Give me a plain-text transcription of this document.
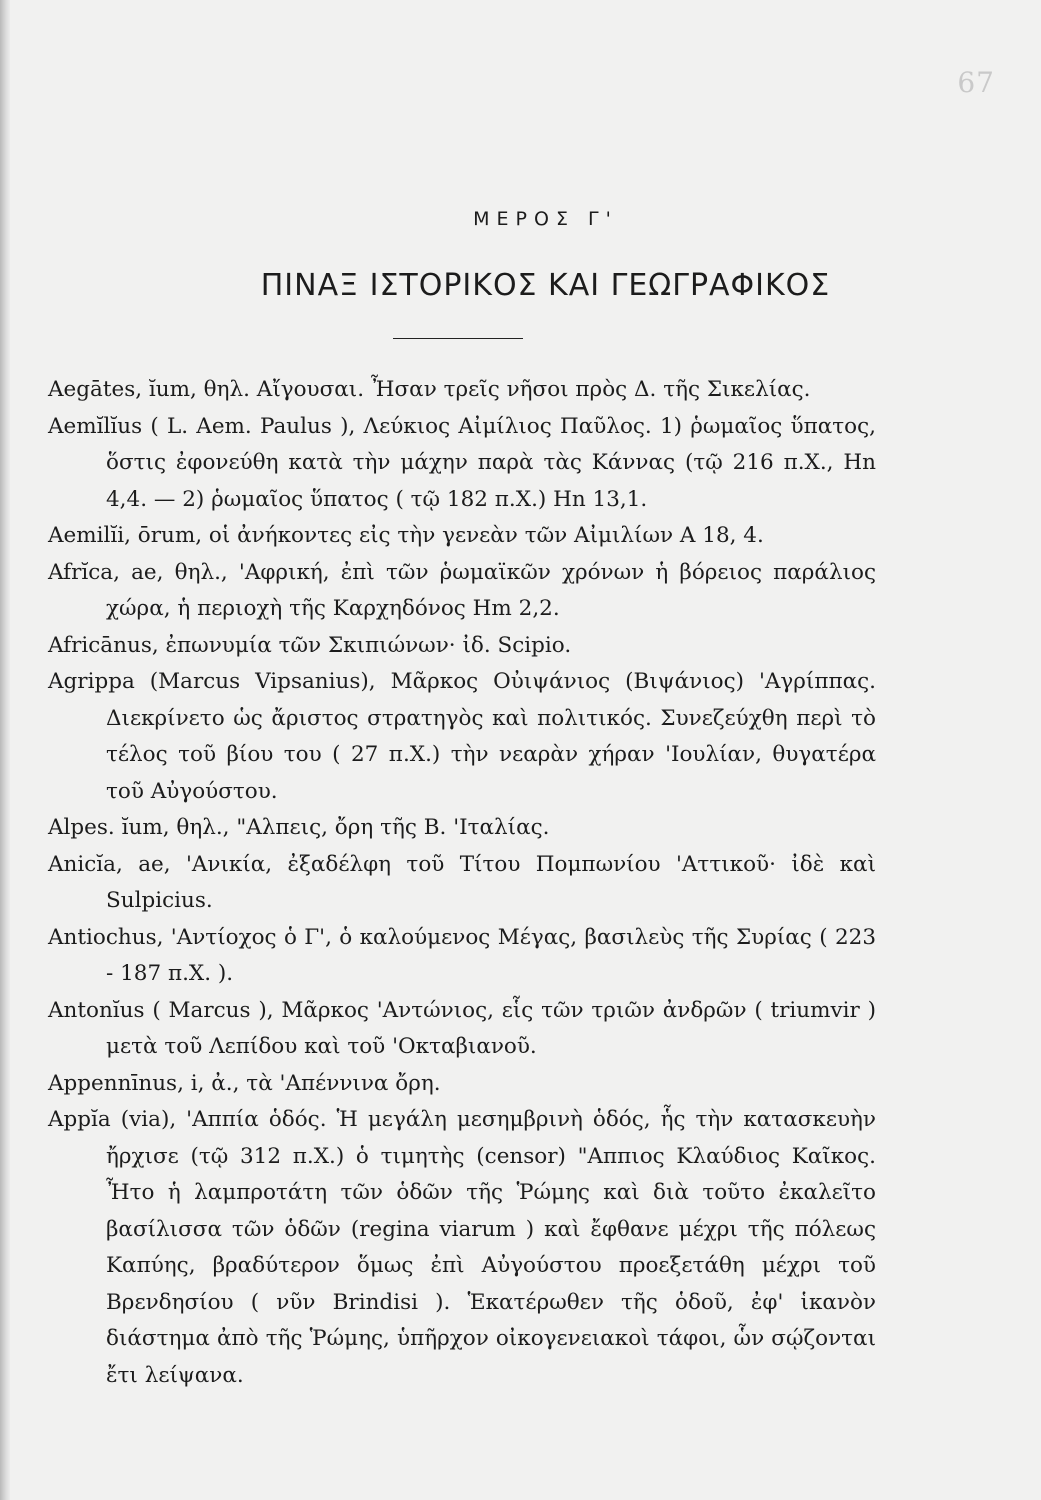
67
ΜΕΡΟΣ Γ'
ΠΙΝΑΞ ΙΣΤΟΡΙΚΟΣ ΚΑΙ ΓΕΩΓΡΑΦΙΚΟΣ

Aegātes, ĭum, θηλ. Αἴγουσαι. Ἦσαν τρεῖς νῆσοι πρὸς Δ. τῆς Σικελίας.

Aemĭlĭus ( L. Aem. Paulus ), Λεύκιος Αἰμίλιος Παῦλος. 1) ῥωμαῖος ὕπατος, ὅστις ἐφονεύθη κατὰ τὴν μάχην παρὰ τὰς Κάννας (τῷ 216 π.Χ., Hn 4,4. — 2) ῥωμαῖος ὕπατος ( τῷ 182 π.Χ.) Hn 13,1.

Aemilĭi, ōrum, οἱ ἀνήκοντες εἰς τὴν γενεὰν τῶν Αἰμιλίων A 18, 4.

Afrĭca, ae, θηλ., 'Αφρική, ἐπὶ τῶν ῥωμαϊκῶν χρόνων ἡ βόρειος παράλιος χώρα, ἡ περιοχὴ τῆς Καρχηδόνος Hm 2,2.

Africānus, ἐπωνυμία τῶν Σκιπιώνων· ἰδ. Scipio.

Agrippa (Marcus Vipsanius), Μᾶρκος Οὐιψάνιος (Βιψάνιος) 'Αγρίππας. Διεκρίνετο ὡς ἄριστος στρατηγὸς καὶ πολιτικός. Συνεζεύχθη περὶ τὸ τέλος τοῦ βίου του ( 27 π.Χ.) τὴν νεαρὰν χήραν 'Ιουλίαν, θυγατέρα τοῦ Αὐγούστου.

Alpes. ĭum, θηλ., "Αλπεις, ὄρη τῆς Β. 'Ιταλίας.

Anicĭa, ae, 'Ανικία, ἐξαδέλφη τοῦ Τίτου Πομπωνίου 'Αττικοῦ· ἰδὲ καὶ Sulpicius.

Antiochus, 'Αντίοχος ὁ Γ', ὁ καλούμενος Μέγας, βασιλεὺς τῆς Συρίας ( 223 - 187 π.Χ. ).

Antonĭus ( Marcus ), Μᾶρκος 'Αντώνιος, εἷς τῶν τριῶν ἀνδρῶν ( triumvir ) μετὰ τοῦ Λεπίδου καὶ τοῦ 'Οκταβιανοῦ.

Appennīnus, i, ἀ., τὰ 'Απέννινα ὄρη.

Appĭa (via), 'Αππία ὁδός. Ἡ μεγάλη μεσημβρινὴ ὁδός, ἧς τὴν κατασκευὴν ἤρχισε (τῷ 312 π.Χ.) ὁ τιμητὴς (censor) "Αππιος Κλαύδιος Καῖκος. Ἦτο ἡ λαμπροτάτη τῶν ὁδῶν τῆς Ῥώμης καὶ διὰ τοῦτο ἐκαλεῖτο βασίλισσα τῶν ὁδῶν (regina viarum ) καὶ ἔφθανε μέχρι τῆς πόλεως Καπύης, βραδύτερον ὅμως ἐπὶ Αὐγούστου προεξετάθη μέχρι τοῦ Βρενδησίου ( νῦν Brindisi ). Ἑκατέρωθεν τῆς ὁδοῦ, ἐφ' ἱκανὸν διάστημα ἀπὸ τῆς Ῥώμης, ὑπῆρχον οἰκογενειακοὶ τάφοι, ὧν σῴζονται ἔτι λείψανα.
